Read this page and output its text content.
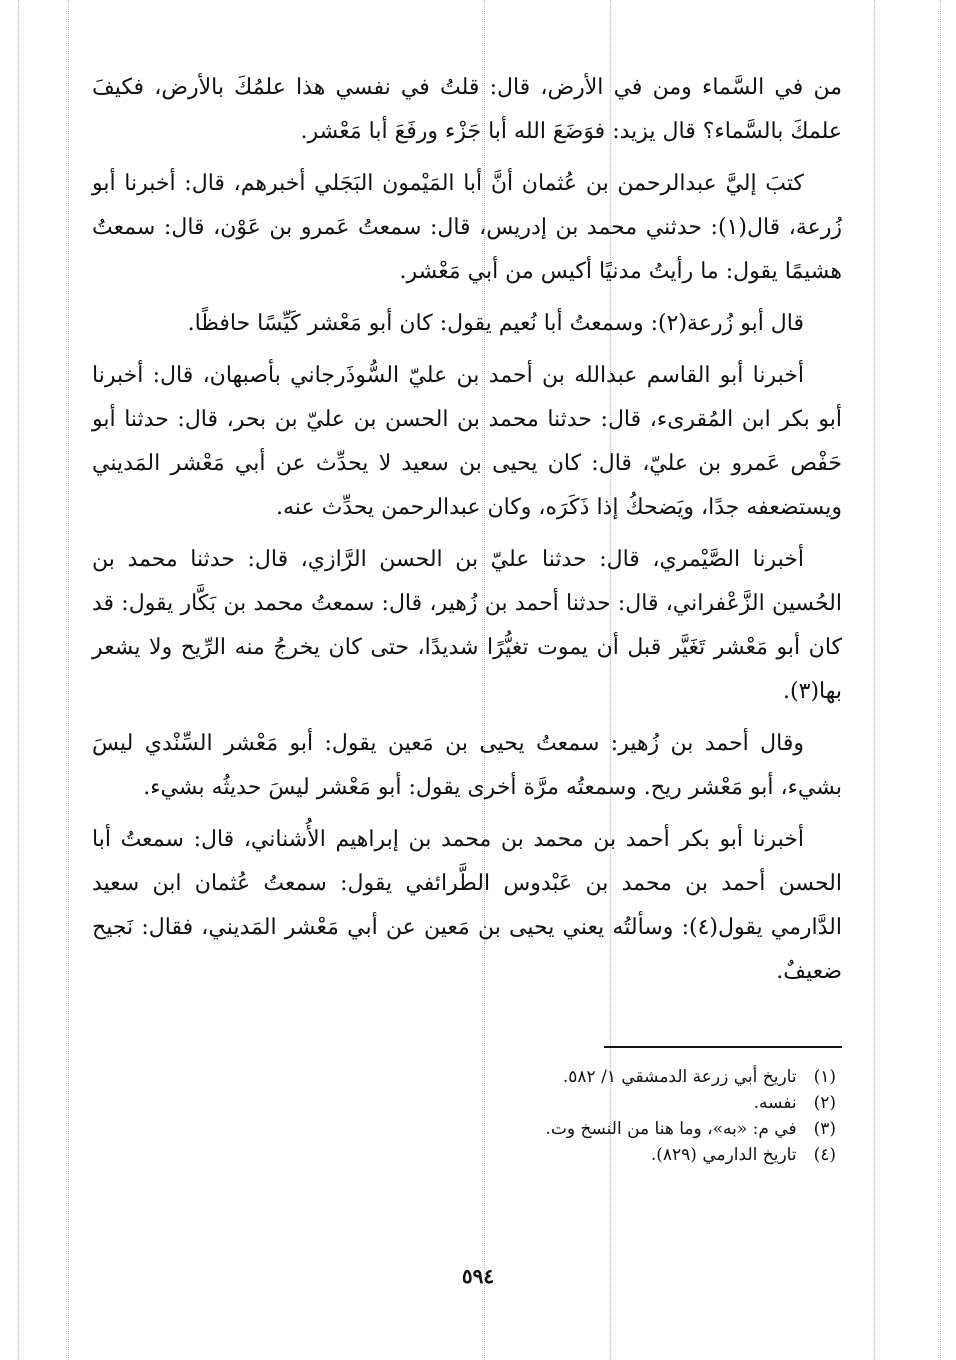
من في السَّماء ومن في الأرض، قال: قلتُ في نفسي هذا علمُكَ بالأرض، فكيفَ علمكَ بالسَّماء؟ قال يزيد: فوَضَعَ الله أبا جَزْء ورفَعَ أبا مَعْشر.

كتبَ إليَّ عبدالرحمن بن عُثمان أنَّ أبا المَيْمون البَجَلي أخبرهم، قال: أخبرنا أبو زُرعة، قال(١): حدثني محمد بن إدريس، قال: سمعتُ عَمرو بن عَوْن، قال: سمعتُ هشيمًا يقول: ما رأيتُ مدنيًا أكيس من أبي مَعْشر.

قال أبو زُرعة(٢): وسمعتُ أبا نُعيم يقول: كان أبو مَعْشر كَيِّسًا حافظًا.

أخبرنا أبو القاسم عبدالله بن أحمد بن عليّ السُّوذَرجاني بأصبهان، قال: أخبرنا أبو بكر ابن المُقرىء، قال: حدثنا محمد بن الحسن بن عليّ بن بحر، قال: حدثنا أبو حَفْص عَمرو بن عليّ، قال: كان يحيى بن سعيد لا يحدِّث عن أبي مَعْشر المَديني ويستضعفه جدًا، ويَضحكُ إذا ذَكَرَه، وكان عبدالرحمن يحدِّث عنه.

أخبرنا الصَّيْمري، قال: حدثنا عليّ بن الحسن الرَّازي، قال: حدثنا محمد بن الحُسين الزَّعْفراني، قال: حدثنا أحمد بن زُهير، قال: سمعتُ محمد بن بَكَّار يقول: قد كان أبو مَعْشر تَغَيَّر قبل أن يموت تغيُّرًا شديدًا، حتى كان يخرجُ منه الرِّيح ولا يشعر بها(٣).

وقال أحمد بن زُهير: سمعتُ يحيى بن مَعين يقول: أبو مَعْشر السِّنْدي ليسَ بشيء، أبو مَعْشر ريح. وسمعتُه مرَّة أخرى يقول: أبو مَعْشر ليسَ حديثُه بشيء.

أخبرنا أبو بكر أحمد بن محمد بن محمد بن إبراهيم الأُشناني، قال: سمعتُ أبا الحسن أحمد بن محمد بن عَبْدوس الطَّرائفي يقول: سمعتُ عُثمان ابن سعيد الدَّارمي يقول(٤): وسألتُه يعني يحيى بن مَعين عن أبي مَعْشر المَديني، فقال: نَجيح ضعيفٌ.

(١) تاريخ أبي زرعة الدمشقي ١/ ٥٨٢.
(٢) نفسه.
(٣) في م: «به»، وما هنا من النسخ وت.
(٤) تاريخ الدارمي (٨٢٩).
٥٩٤
